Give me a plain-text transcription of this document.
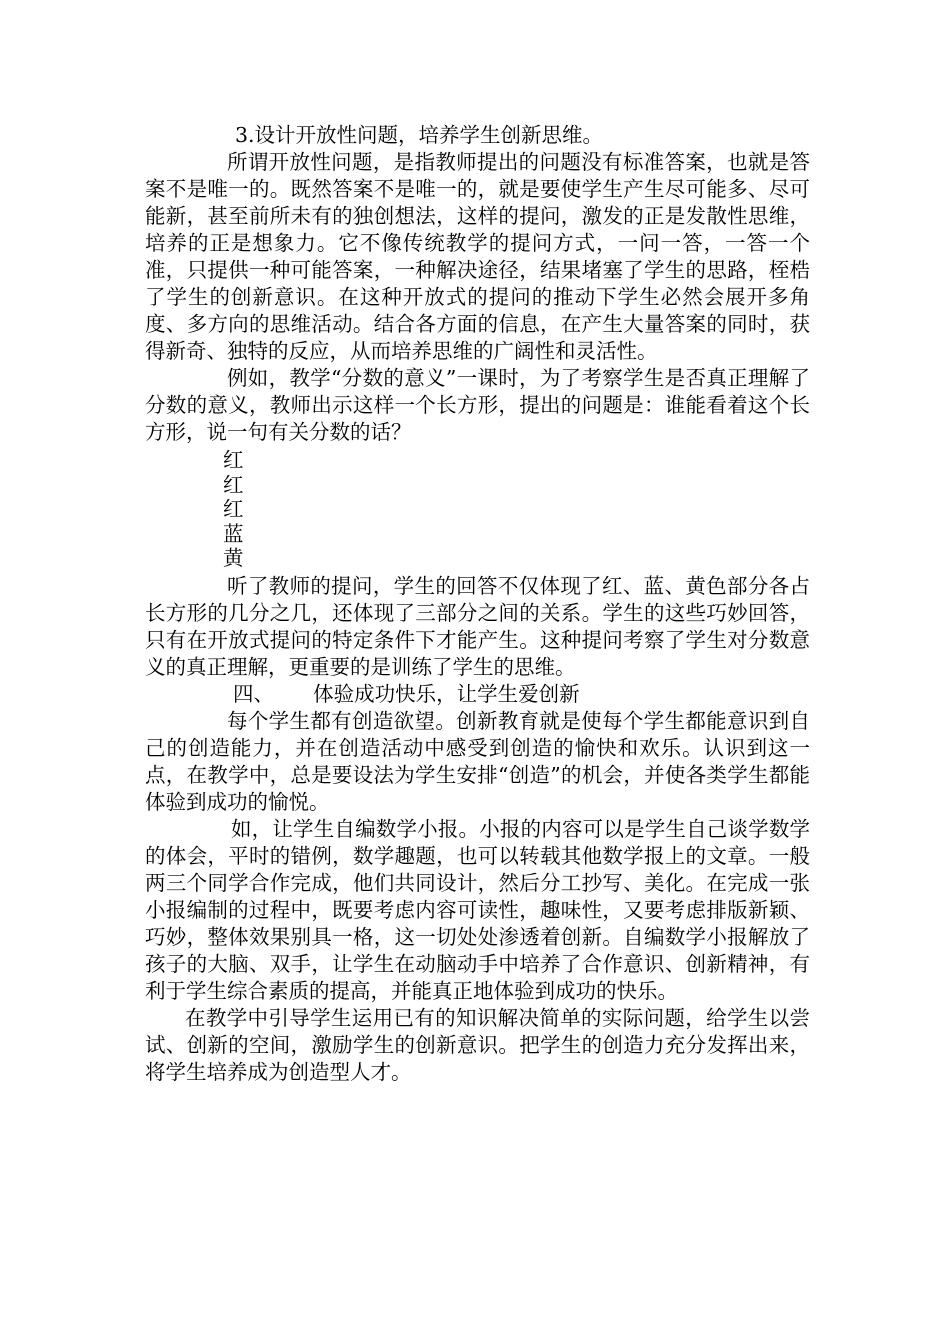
3.设计开放性问题，培养学生创新思维。

所谓开放性问题，是指教师提出的问题没有标准答案，也就是答案不是唯一的。既然答案不是唯一的，就是要使学生产生尽可能多、尽可能新，甚至前所未有的独创想法，这样的提问，激发的正是发散性思维，培养的正是想象力。它不像传统教学的提问方式，一问一答，一答一个准，只提供一种可能答案，一种解决途径，结果堵塞了学生的思路，桎梏了学生的创新意识。在这种开放式的提问的推动下学生必然会展开多角度、多方向的思维活动。结合各方面的信息，在产生大量答案的同时，获得新奇、独特的反应，从而培养思维的广阔性和灵活性。

例如，教学“分数的意义”一课时，为了考察学生是否真正理解了分数的意义，教师出示这样一个长方形，提出的问题是：谁能看着这个长方形，说一句有关分数的话？

红

红

红

蓝

黄

听了教师的提问，学生的回答不仅体现了红、蓝、黄色部分各占长方形的几分之几，还体现了三部分之间的关系。学生的这些巧妙回答，只有在开放式提问的特定条件下才能产生。这种提问考察了学生对分数意义的真正理解，更重要的是训练了学生的思维。

四、 体验成功快乐，让学生爱创新

每个学生都有创造欲望。创新教育就是使每个学生都能意识到自己的创造能力，并在创造活动中感受到创造的愉快和欢乐。认识到这一点，在教学中，总是要设法为学生安排“创造”的机会，并使各类学生都能体验到成功的愉悦。

如，让学生自编数学小报。小报的内容可以是学生自己谈学数学的体会，平时的错例，数学趣题，也可以转载其他数学报上的文章。一般两三个同学合作完成，他们共同设计，然后分工抄写、美化。在完成一张小报编制的过程中，既要考虑内容可读性，趣味性，又要考虑排版新颖、巧妙，整体效果别具一格，这一切处处渗透着创新。自编数学小报解放了孩子的大脑、双手，让学生在动脑动手中培养了合作意识、创新精神，有利于学生综合素质的提高，并能真正地体验到成功的快乐。

在教学中引导学生运用已有的知识解决简单的实际问题，给学生以尝试、创新的空间，激励学生的创新意识。把学生的创造力充分发挥出来，将学生培养成为创造型人才。
